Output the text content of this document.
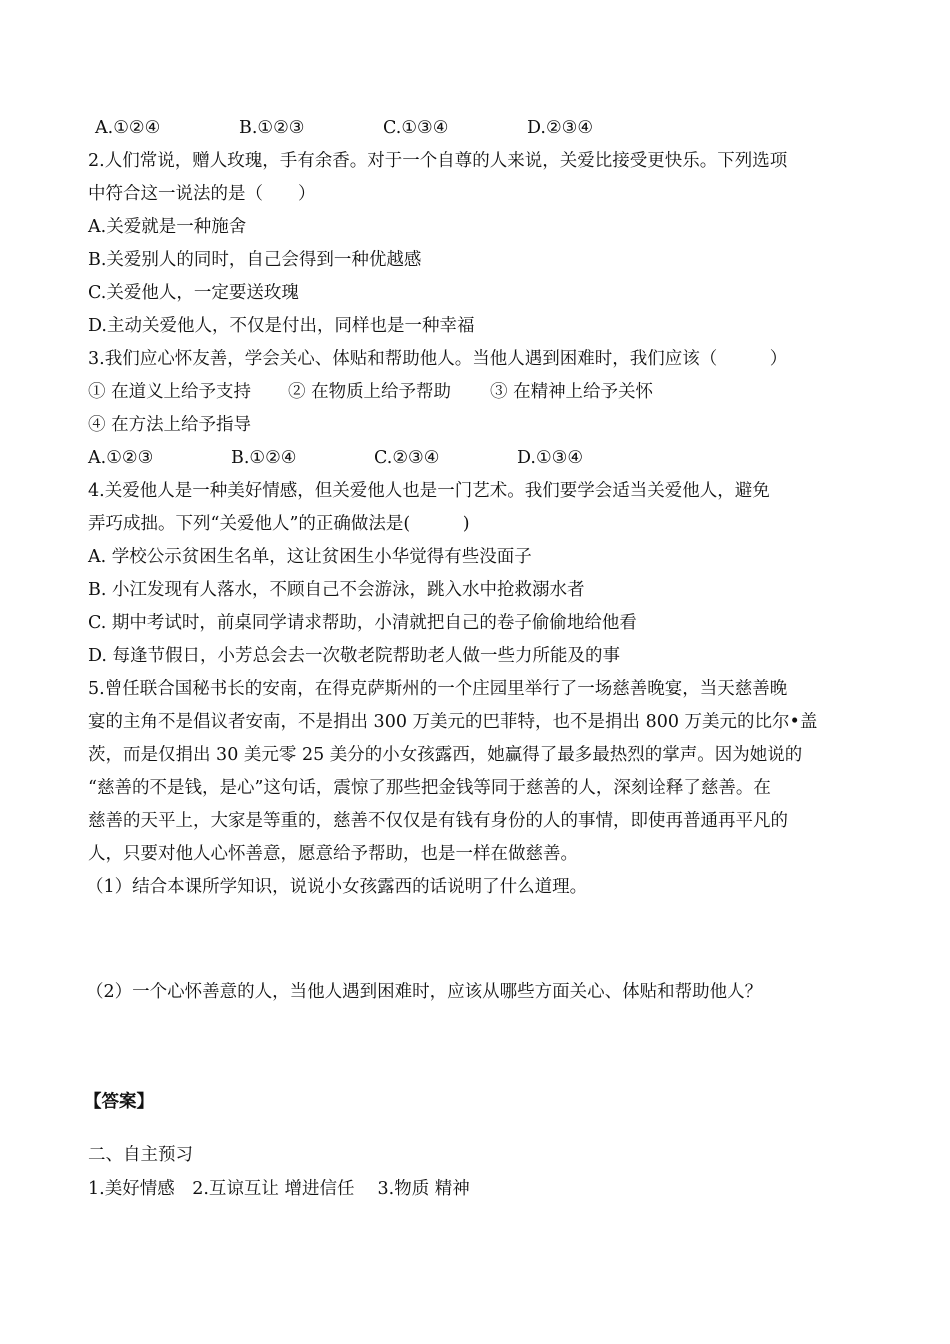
A.①②④	B.①②③	C.①③④	D.②③④
2.人们常说，赠人玫瑰，手有余香。对于一个自尊的人来说，关爱比接受更快乐。下列选项
中符合这一说法的是（　　）
A.关爱就是一种施舍
B.关爱别人的同时，自己会得到一种优越感
C.关爱他人，一定要送玫瑰
D.主动关爱他人，不仅是付出，同样也是一种幸福
3.我们应心怀友善，学会关心、体贴和帮助他人。当他人遇到困难时，我们应该（　　　）
① 在道义上给予支持 ② 在物质上给予帮助 ③ 在精神上给予关怀
④ 在方法上给予指导
A.①②③	B.①②④	C.②③④	D.①③④
4.关爱他人是一种美好情感，但关爱他人也是一门艺术。我们要学会适当关爱他人，避免
弄巧成拙。下列“关爱他人”的正确做法是(　　　)
A. 学校公示贫困生名单，这让贫困生小华觉得有些没面子
B. 小江发现有人落水，不顾自己不会游泳，跳入水中抢救溺水者
C. 期中考试时，前桌同学请求帮助，小清就把自己的卷子偷偷地给他看
D. 每逢节假日，小芳总会去一次敬老院帮助老人做一些力所能及的事
5.曾任联合国秘书长的安南，在得克萨斯州的一个庄园里举行了一场慈善晚宴，当天慈善晚
宴的主角不是倡议者安南，不是捐出 300 万美元的巴菲特，也不是捐出 800 万美元的比尔•盖
茨，而是仅捐出 30 美元零 25 美分的小女孩露西，她赢得了最多最热烈的掌声。因为她说的
“慈善的不是钱，是心”这句话，震惊了那些把金钱等同于慈善的人，深刻诠释了慈善。在
慈善的天平上，大家是等重的，慈善不仅仅是有钱有身份的人的事情，即使再普通再平凡的
人，只要对他人心怀善意，愿意给予帮助，也是一样在做慈善。
（1）结合本课所学知识，说说小女孩露西的话说明了什么道理。
（2）一个心怀善意的人，当他人遇到困难时，应该从哪些方面关心、体贴和帮助他人？
【答案】
二、自主预习
1.美好情感　2.互谅互让 增进信任　 3.物质 精神
